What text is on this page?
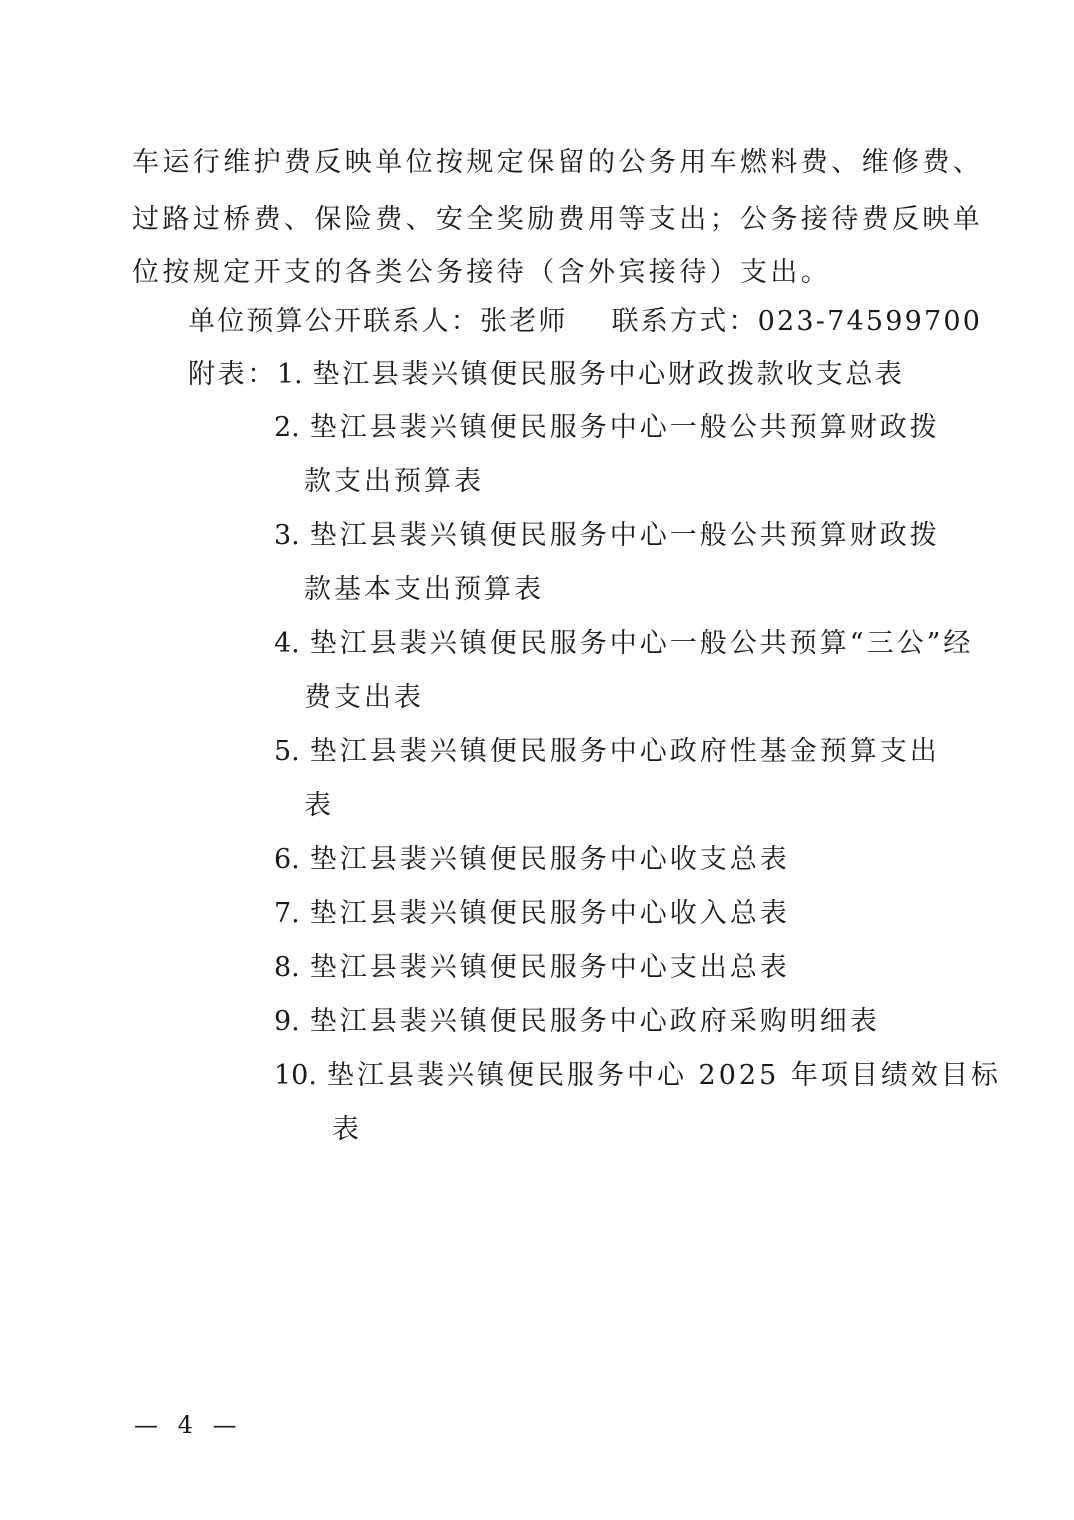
车运行维护费反映单位按规定保留的公务用车燃料费、维修费、
过路过桥费、保险费、安全奖励费用等支出；公务接待费反映单
位按规定开支的各类公务接待（含外宾接待）支出。
单位预算公开联系人：张老师 联系方式：023-74599700
附表：1. 垫江县裴兴镇便民服务中心财政拨款收支总表
2. 垫江县裴兴镇便民服务中心一般公共预算财政拨
款支出预算表
3. 垫江县裴兴镇便民服务中心一般公共预算财政拨
款基本支出预算表
4. 垫江县裴兴镇便民服务中心一般公共预算“三公”经
费支出表
5. 垫江县裴兴镇便民服务中心政府性基金预算支出
表
6. 垫江县裴兴镇便民服务中心收支总表
7. 垫江县裴兴镇便民服务中心收入总表
8. 垫江县裴兴镇便民服务中心支出总表
9. 垫江县裴兴镇便民服务中心政府采购明细表
10. 垫江县裴兴镇便民服务中心 2025 年项目绩效目标
表
— 4 —
